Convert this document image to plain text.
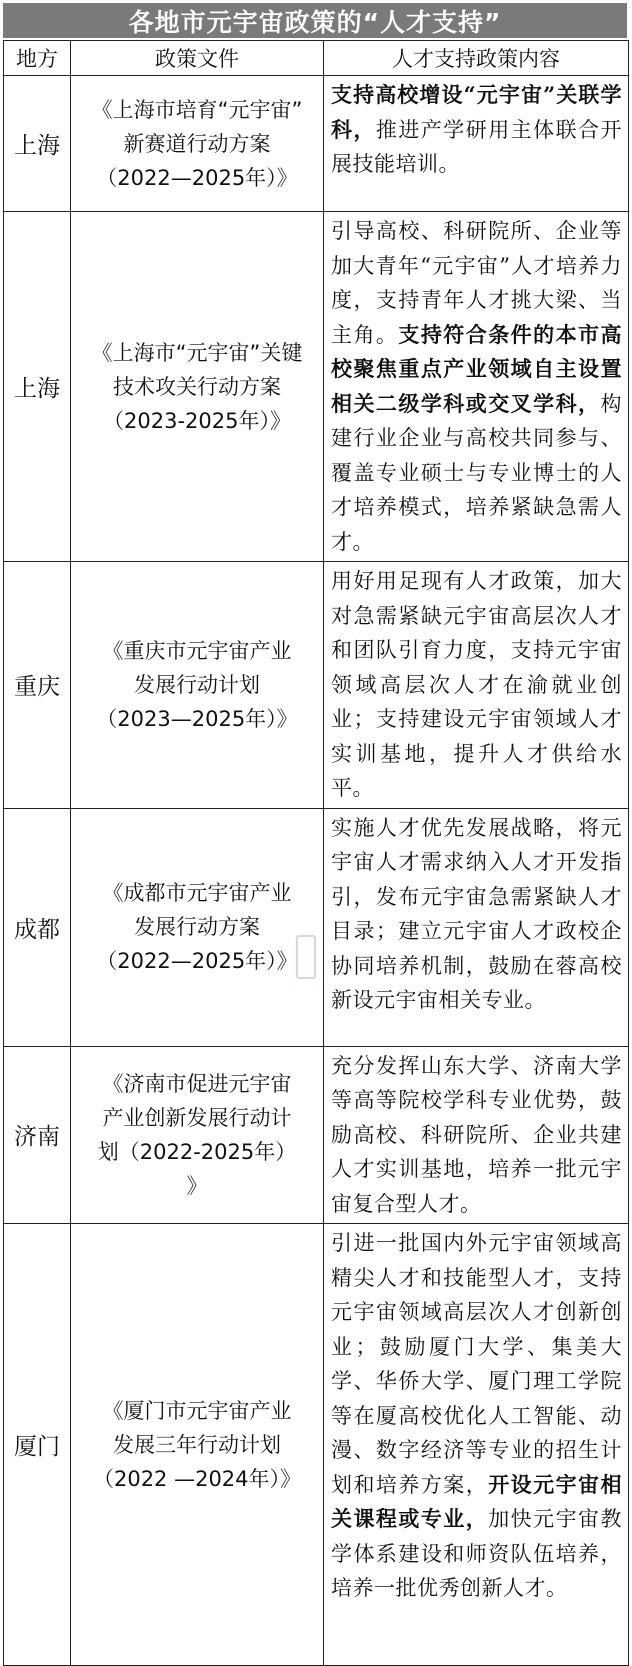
各地市元宇宙政策的“人才支持”
地方	政策文件	人才支持政策内容
上海	《上海市培育“元宇宙”
新赛道行动方案
（2022—2025年）》	支持高校增设“元宇宙”关联学科，推进产学研用主体联合开展技能培训。
上海	《上海市“元宇宙”关键
技术攻关行动方案
（2023-2025年）》	引导高校、科研院所、企业等加大青年“元宇宙”人才培养力度，支持青年人才挑大梁、当主角。支持符合条件的本市高校聚焦重点产业领域自主设置相关二级学科或交叉学科，构建行业企业与高校共同参与、覆盖专业硕士与专业博士的人才培养模式，培养紧缺急需人才。
重庆	《重庆市元宇宙产业
发展行动计划
（2023—2025年）》	用好用足现有人才政策，加大对急需紧缺元宇宙高层次人才和团队引育力度，支持元宇宙领域高层次人才在渝就业创业；支持建设元宇宙领域人才实训基地，提升人才供给水平。
成都	《成都市元宇宙产业
发展行动方案
（2022—2025年）》	实施人才优先发展战略，将元宇宙人才需求纳入人才开发指引，发布元宇宙急需紧缺人才目录；建立元宇宙人才政校企协同培养机制，鼓励在蓉高校新设元宇宙相关专业。
济南	《济南市促进元宇宙
产业创新发展行动计
划（2022-2025年）
》	充分发挥山东大学、济南大学等高等院校学科专业优势，鼓励高校、科研院所、企业共建人才实训基地，培养一批元宇宙复合型人才。
厦门	《厦门市元宇宙产业
发展三年行动计划
（2022 —2024年）》	引进一批国内外元宇宙领域高精尖人才和技能型人才，支持元宇宙领域高层次人才创新创业；鼓励厦门大学、集美大学、华侨大学、厦门理工学院等在厦高校优化人工智能、动漫、数字经济等专业的招生计划和培养方案，开设元宇宙相关课程或专业，加快元宇宙教学体系建设和师资队伍培养，培养一批优秀创新人才。
